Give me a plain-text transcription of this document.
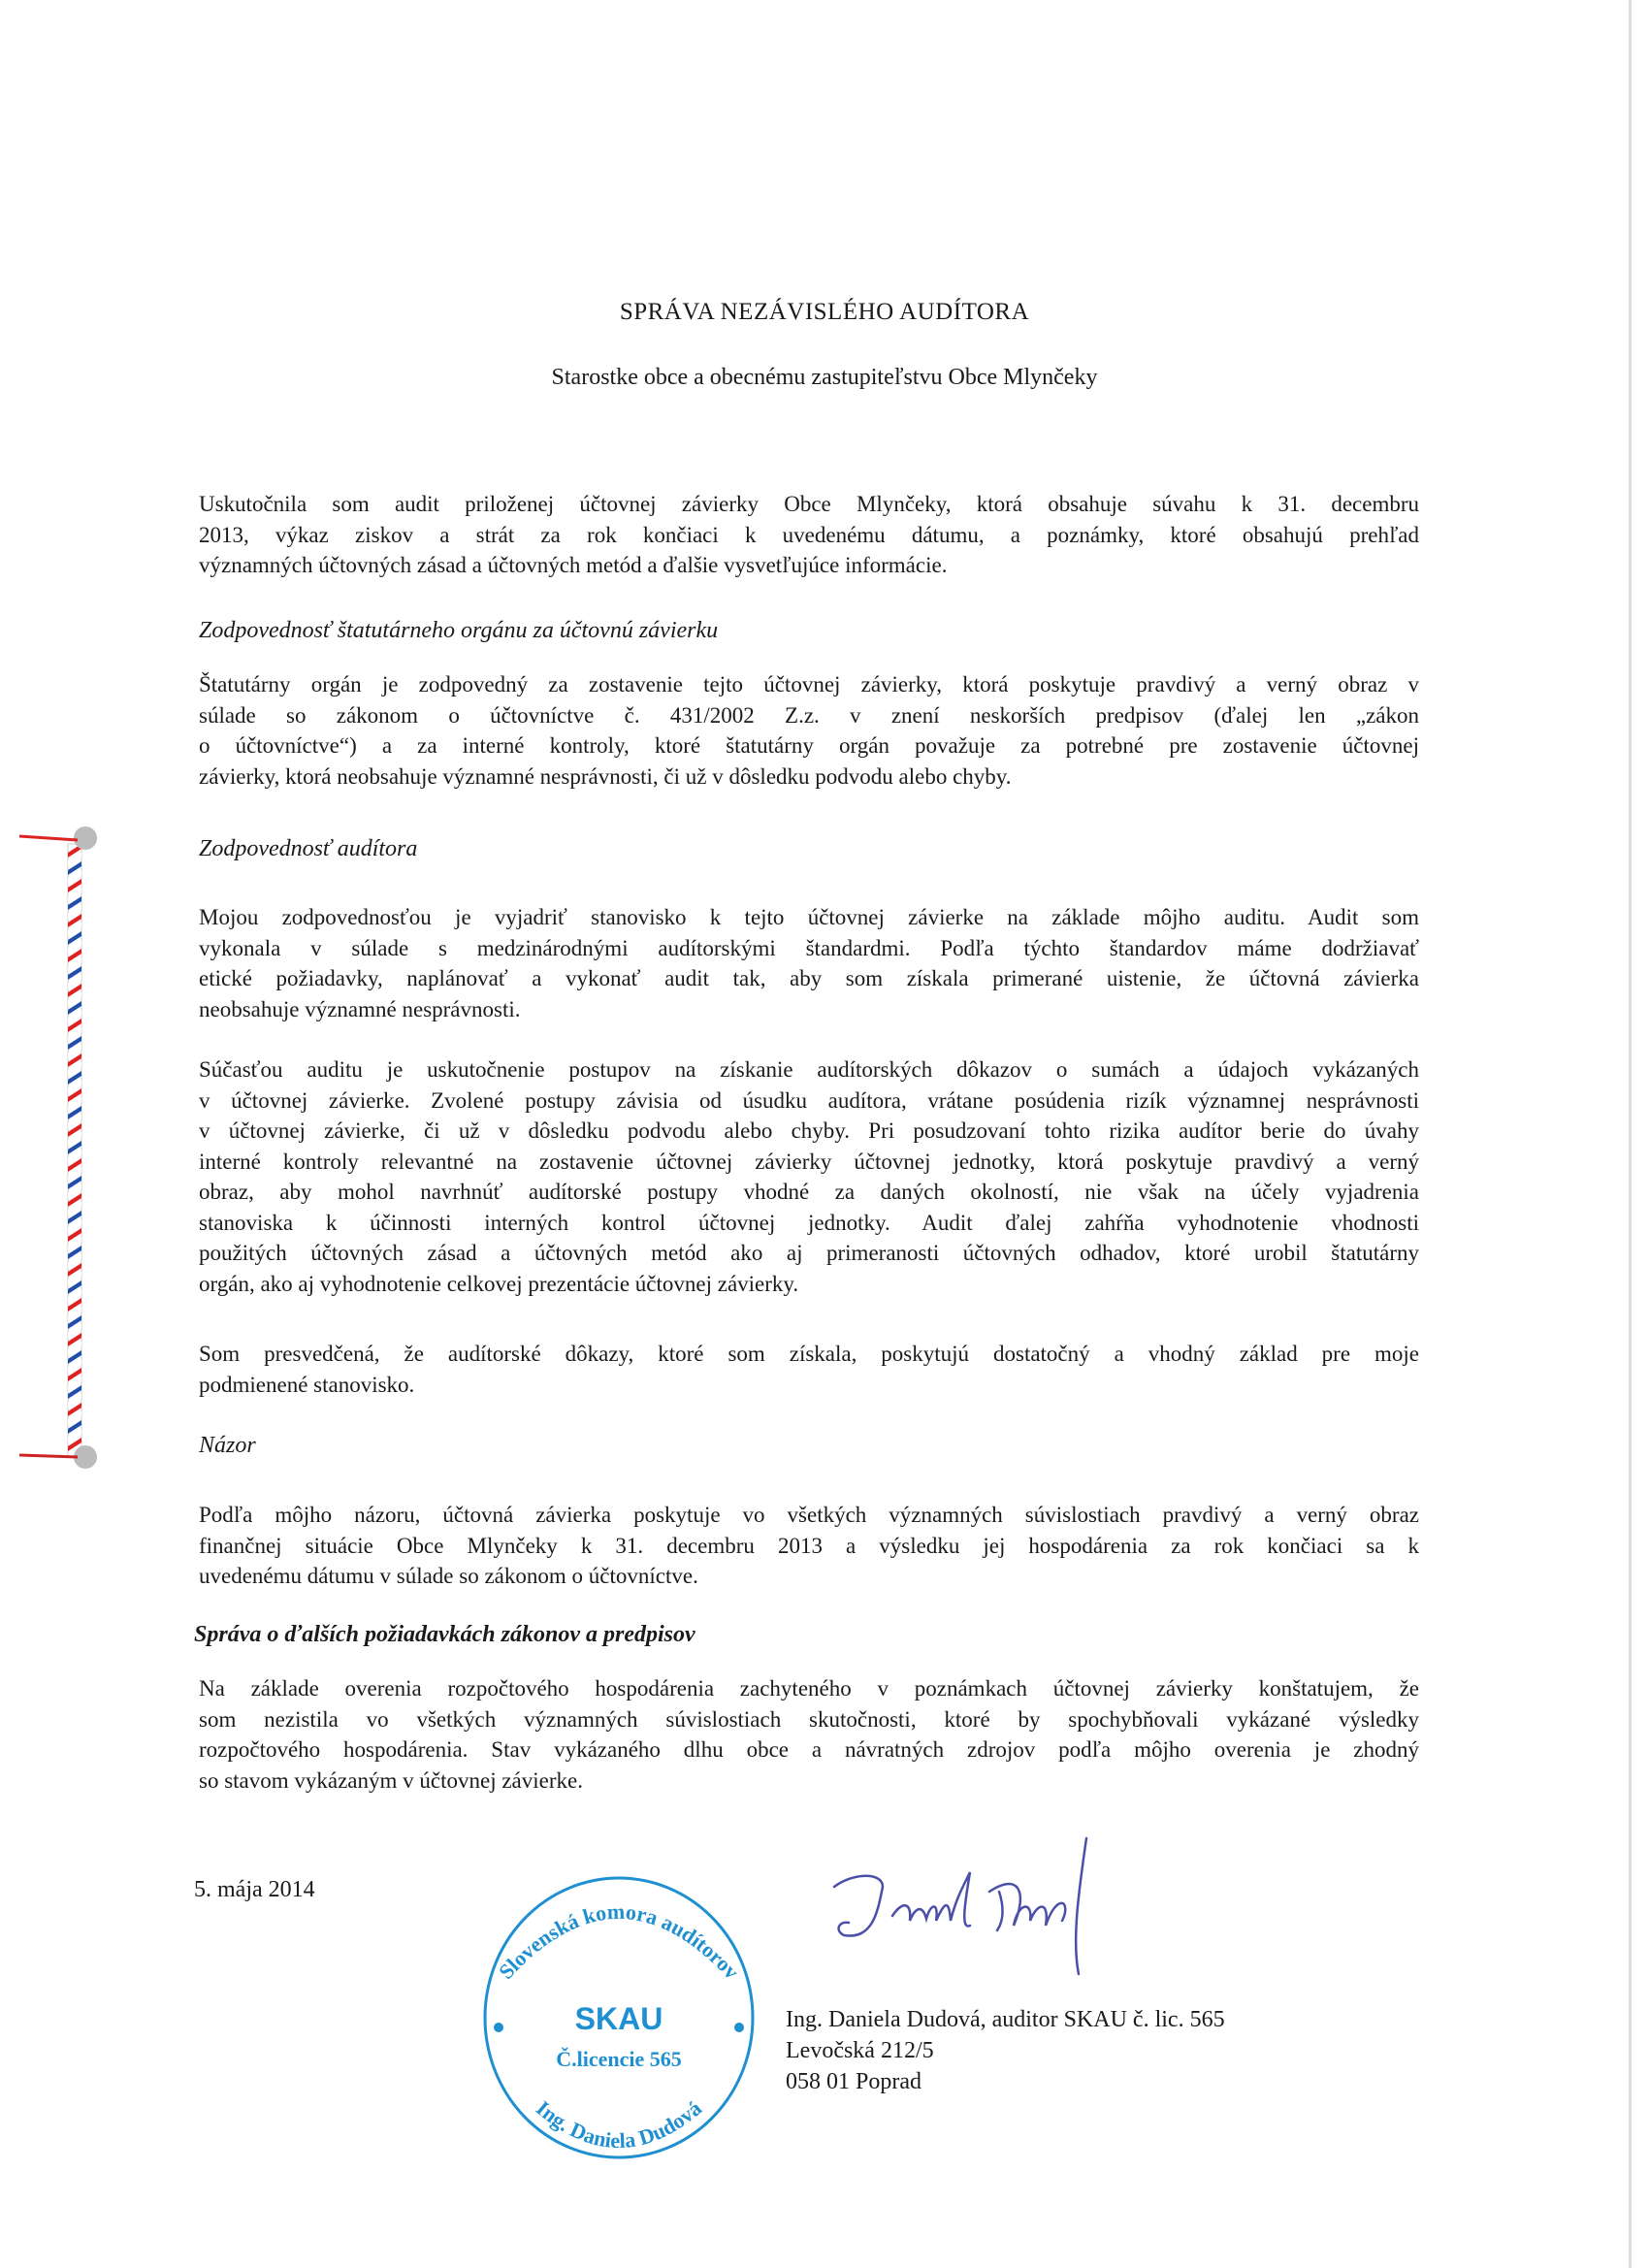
SPRÁVA NEZÁVISLÉHO AUDÍTORA
Starostke obce a obecnému zastupiteľstvu Obce Mlynčeky
Uskutočnila som audit priloženej účtovnej závierky Obce Mlynčeky, ktorá obsahuje súvahu k 31. decembru
2013, výkaz ziskov a strát za rok končiaci k uvedenému dátumu, a poznámky, ktoré obsahujú prehľad
významných účtovných zásad a účtovných metód a ďalšie vysvetľujúce informácie.
Zodpovednosť štatutárneho orgánu za účtovnú závierku
Štatutárny orgán je zodpovedný za zostavenie tejto účtovnej závierky, ktorá poskytuje pravdivý a verný obraz v
súlade so zákonom o účtovníctve č. 431/2002 Z.z. v znení neskorších predpisov (ďalej len „zákon
o účtovníctve“) a za interné kontroly, ktoré štatutárny orgán považuje za potrebné pre zostavenie účtovnej
závierky, ktorá neobsahuje významné nesprávnosti, či už v dôsledku podvodu alebo chyby.
Zodpovednosť audítora
Mojou zodpovednosťou je vyjadriť stanovisko k tejto účtovnej závierke na základe môjho auditu. Audit som
vykonala v súlade s medzinárodnými audítorskými štandardmi. Podľa týchto štandardov máme dodržiavať
etické požiadavky, naplánovať a vykonať audit tak, aby som získala primerané uistenie, že účtovná závierka
neobsahuje významné nesprávnosti.
Súčasťou auditu je uskutočnenie postupov na získanie audítorských dôkazov o sumách a údajoch vykázaných
v účtovnej závierke. Zvolené postupy závisia od úsudku audítora, vrátane posúdenia rizík významnej nesprávnosti
v účtovnej závierke, či už v dôsledku podvodu alebo chyby. Pri posudzovaní tohto rizika audítor berie do úvahy
interné kontroly relevantné na zostavenie účtovnej závierky účtovnej jednotky, ktorá poskytuje pravdivý a verný
obraz, aby mohol navrhnúť audítorské postupy vhodné za daných okolností, nie však na účely vyjadrenia
stanoviska k účinnosti interných kontrol účtovnej jednotky. Audit ďalej zahŕňa vyhodnotenie vhodnosti
použitých účtovných zásad a účtovných metód ako aj primeranosti účtovných odhadov, ktoré urobil štatutárny
orgán, ako aj vyhodnotenie celkovej prezentácie účtovnej závierky.
Som presvedčená, že audítorské dôkazy, ktoré som získala, poskytujú dostatočný a vhodný základ pre moje
podmienené stanovisko.
Názor
Podľa môjho názoru, účtovná závierka poskytuje vo všetkých významných súvislostiach pravdivý a verný obraz
finančnej situácie Obce Mlynčeky k 31. decembru 2013 a výsledku jej hospodárenia za rok končiaci sa k
uvedenému dátumu v súlade so zákonom o účtovníctve.
Správa o ďalších požiadavkách zákonov a predpisov
Na základe overenia rozpočtového hospodárenia zachyteného v poznámkach účtovnej závierky konštatujem, že
som nezistila vo všetkých významných súvislostiach skutočnosti, ktoré by spochybňovali vykázané výsledky
rozpočtového hospodárenia. Stav vykázaného dlhu obce a návratných zdrojov podľa môjho overenia je zhodný
so stavom vykázaným v účtovnej závierke.
5. mája 2014
Slovenská komora audítorov
Ing. Daniela Dudová
SKAU
Č.licencie 565
Ing. Daniela Dudová, auditor SKAU č. lic. 565
Levočská 212/5
058 01 Poprad
